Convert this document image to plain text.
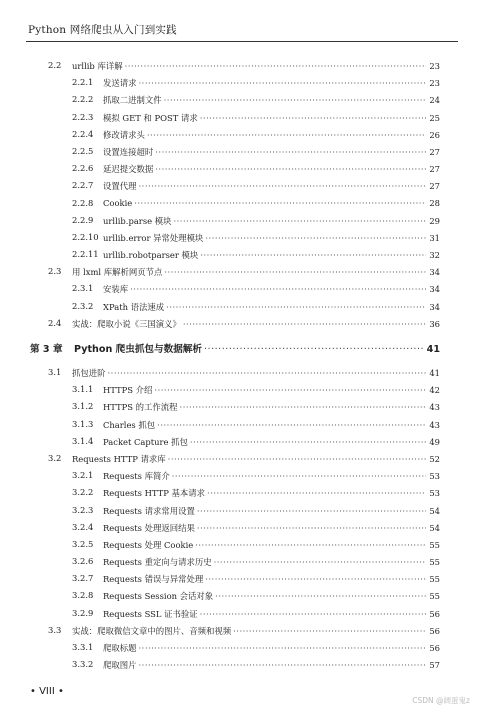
Python 网络爬虫从入门到实践
2.2 urllib 库详解 ·····	23
2.2.1 发送请求 ·····	23
2.2.2 抓取二进制文件 ·····	24
2.2.3 模拟 GET 和 POST 请求 ·····	25
2.2.4 修改请求头 ·····	26
2.2.5 设置连接超时 ·····	27
2.2.6 延迟提交数据 ·····	27
2.2.7 设置代理 ·····	27
2.2.8 Cookie ·····	28
2.2.9 urllib.parse 模块 ·····	29
2.2.10 urllib.error 异常处理模块 ·····	31
2.2.11 urllib.robotparser 模块 ·····	32
2.3 用 lxml 库解析网页节点 ·····	34
2.3.1 安装库 ·····	34
2.3.2 XPath 语法速成 ·····	34
2.4 实战：爬取小说《三国演义》 ·····	36
第 3 章 Python 爬虫抓包与数据解析 ·····	41
3.1 抓包进阶 ·····	41
3.1.1 HTTPS 介绍 ·····	42
3.1.2 HTTPS 的工作流程 ·····	43
3.1.3 Charles 抓包 ·····	43
3.1.4 Packet Capture 抓包 ·····	49
3.2 Requests HTTP 请求库 ·····	52
3.2.1 Requests 库简介 ·····	53
3.2.2 Requests HTTP 基本请求 ·····	53
3.2.3 Requests 请求常用设置 ·····	54
3.2.4 Requests 处理返回结果 ·····	54
3.2.5 Requests 处理 Cookie ·····	55
3.2.6 Requests 重定向与请求历史 ·····	55
3.2.7 Requests 错误与异常处理 ·····	55
3.2.8 Requests Session 会话对象 ·····	55
3.2.9 Requests SSL 证书验证 ·····	56
3.3 实战：爬取微信文章中的图片、音频和视频 ·····	56
3.3.1 爬取标题 ·····	56
3.3.2 爬取图片 ·····	57
• VIII •
CSDN @阔蛋鬼z
